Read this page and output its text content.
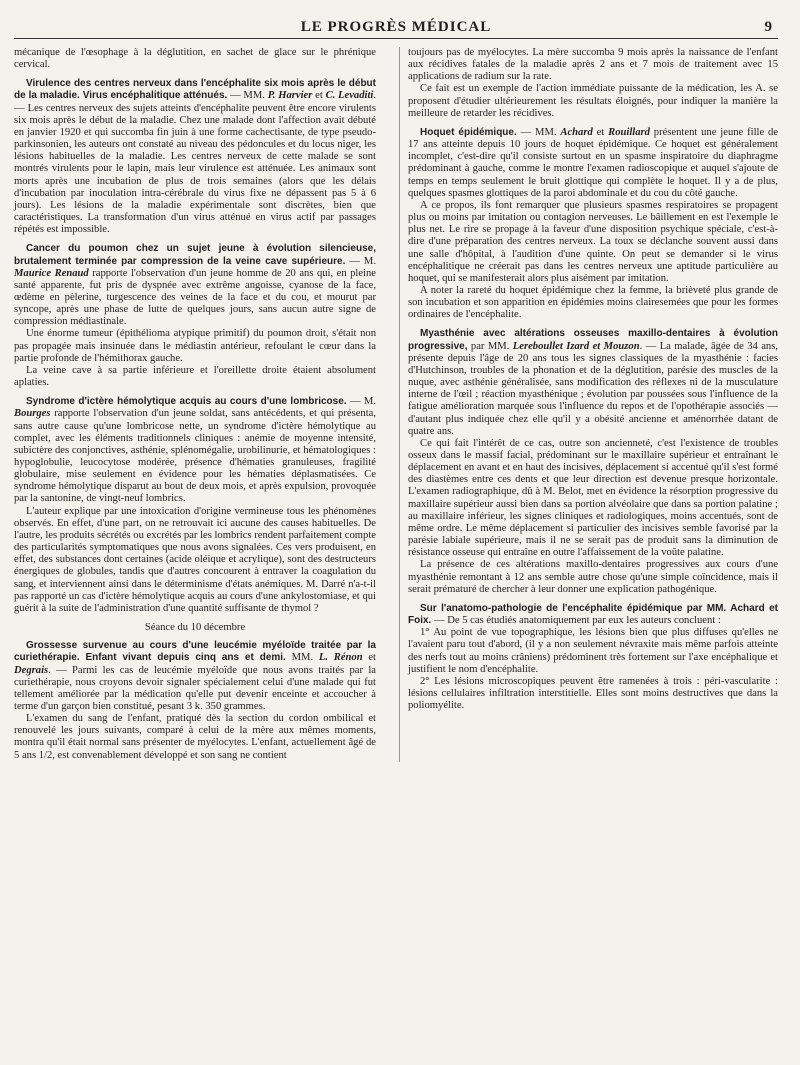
LE PROGRÈS MÉDICAL	9

mécanique de l'œsophage à la déglutition, en sachet de glace sur le phrénique cervical.

Virulence des centres nerveux dans l'encéphalite six mois après le début de la maladie. Virus encéphalitique atténués. — MM. P. Harvier et C. Levaditi. — Les centres nerveux des sujets atteints d'encéphalite peuvent être encore virulents six mois après le début de la maladie. Chez une malade dont l'affection avait débuté en janvier 1920 et qui succomba fin juin à une forme cachectisante, de type pseudo-parkinsonien, les auteurs ont constaté au niveau des pédoncules et du locus niger, les lésions habituelles de la maladie. Les centres nerveux de cette malade se sont montrés virulents pour le lapin, mais leur virulence est atténuée. Les animaux sont morts après une incubation de plus de trois semaines (alors que les délais d'incubation par inoculation intra-cérébrale du virus fixe ne dépassent pas 5 à 6 jours). Les lésions de la maladie expérimentale sont discrètes, bien que caractéristiques. La transformation d'un virus atténué en virus actif par passages répétés est impossible.

Cancer du poumon chez un sujet jeune à évolution silencieuse, brutalement terminée par compression de la veine cave supérieure. — M. Maurice Renaud rapporte l'observation d'un jeune homme de 20 ans qui, en pleine santé apparente, fut pris de dyspnée avec extrême angoisse, cyanose de la face, œdème en pèlerine, turgescence des veines de la face et du cou, et mourut par syncope, après une phase de lutte de quelques jours, sans aucun autre signe de compression médiastinale.

Une énorme tumeur (épithélioma atypique primitif) du poumon droit, s'était non pas propagée mais insinuée dans le médiastin antérieur, refoulant le cœur dans la partie profonde de l'hémithorax gauche.

La veine cave à sa partie inférieure et l'oreillette droite étaient absolument aplaties.

Syndrome d'ictère hémolytique acquis au cours d'une lombricose. — M. Bourges rapporte l'observation d'un jeune soldat, sans antécédents, et qui présenta, sans autre cause qu'une lombricose nette, un syndrome d'ictère hémolytique au complet, avec les éléments traditionnels cliniques : anémie de moyenne intensité, subictère des conjonctives, asthénie, splénomégalie, urobilinurie, et hématologiques : hypoglobulie, leucocytose modérée, présence d'hématies granuleuses, fragilité globulaire, mise seulement en évidence pour les hématies déplasmatisées. Ce syndrome hémolytique disparut au bout de deux mois, et après expulsion, provoquée par la santonine, de vingt-neuf lombrics.

L'auteur explique par une intoxication d'origine vermineuse tous les phénomènes observés. En effet, d'une part, on ne retrouvait ici aucune des causes habituelles. De l'autre, les produits sécrétés ou excrétés par les lombrics rendent parfaitement compte des particularités symptomatiques que nous avons signalées. Ces vers produisent, en effet, des substances dont certaines (acide oléique et acrylique), sont des destructeurs énergiques de globules, tandis que d'autres concourent à entraver la coagulation du sang, et interviennent ainsi dans le déterminisme d'états anémiques. M. Darré n'a-t-il pas rapporté un cas d'ictère hémolytique acquis au cours d'une ankylostomiase, et qui guérit à la suite de l'administration d'une quantité suffisante de thymol ?

Séance du 10 décembre

Grossesse survenue au cours d'une leucémie myéloïde traitée par la curiethérapie. Enfant vivant depuis cinq ans et demi. MM. L. Rénon et Degrais. — Parmi les cas de leucémie myéloïde que nous avons traités par la curiethérapie, nous croyons devoir signaler spécialement celui d'une malade qui fut tellement améliorée par la médication qu'elle put devenir enceinte et accoucher à terme d'un garçon bien constitué, pesant 3 k. 350 grammes.

L'examen du sang de l'enfant, pratiqué dès la section du cordon ombilical et renouvelé les jours suivants, comparé à celui de la mère aux mêmes moments, montra qu'il était normal sans présenter de myélocytes. L'enfant, actuellement âgé de 5 ans 1/2, est convenablement développé et son sang ne contient

toujours pas de myélocytes. La mère succomba 9 mois après la naissance de l'enfant aux récidives fatales de la maladie après 2 ans et 7 mois de traitement avec 15 applications de radium sur la rate.

Ce fait est un exemple de l'action immédiate puissante de la médication, les A. se proposent d'étudier ultérieurement les résultats éloignés, pour indiquer la manière la meilleure de retarder les récidives.

Hoquet épidémique. — MM. Achard et Rouillard présentent une jeune fille de 17 ans atteinte depuis 10 jours de hoquet épidémique. Ce hoquet est généralement incomplet, c'est-dire qu'il consiste surtout en un spasme inspiratoire du diaphragme prédominant à gauche, comme le montre l'examen radioscopique et auquel s'ajoute de temps en temps seulement le bruit glottique qui complète le hoquet. Il y a de plus, quelques spasmes glottiques de la paroi abdominale et du cou du côté gauche.

A ce propos, ils font remarquer que plusieurs spasmes respiratoires se propagent plus ou moins par imitation ou contagion nerveuses. Le bâillement en est l'exemple le plus net. Le rire se propage à la faveur d'une disposition psychique spéciale, c'est-à-dire d'une préparation des centres nerveux. La toux se déclanche souvent aussi dans une salle d'hôpital, à l'audition d'une quinte. On peut se demander si le virus encéphalitique ne créerait pas dans les centres nerveux une aptitude particulière au hoquet, qui se manifesterait alors plus aisément par imitation.

A noter la rareté du hoquet épidémique chez la femme, la brièveté plus grande de son incubation et son apparition en épidémies moins clairesemées que pour les formes ordinaires de l'encéphalite.

Myasthénie avec altérations osseuses maxillo-dentaires à évolution progressive, par MM. Lereboullet Izard et Mouzon. — La malade, âgée de 34 ans, présente depuis l'âge de 20 ans tous les signes classiques de la myasthénie : facies d'Hutchinson, troubles de la phonation et de la déglutition, parésie des muscles de la nuque, avec asthénie généralisée, sans modification des réflexes ni de la musculature interne de l'œil ; réaction myasthénique ; évolution par poussées sous l'influence de la fatigue amélioration marquée sous l'influence du repos et de l'opothérapie associés — d'autant plus indiquée chez elle qu'il y a obésité ancienne et aménorrhée datant de quatre ans.

Ce qui fait l'intérêt de ce cas, outre son ancienneté, c'est l'existence de troubles osseux dans le massif facial, prédominant sur le maxillaire supérieur et entraînant le déplacement en avant et en haut des incisives, déplacement si accentué qu'il s'est formé des diastèmes entre ces dents et que leur direction est devenue presque horizontale. L'examen radiographique, dû à M. Belot, met en évidence la résorption progressive du maxillaire supérieur aussi bien dans sa portion alvéolaire que dans sa portion palatine ; au maxillaire inférieur, les signes cliniques et radiologiques, moins accentués, sont de même ordre. Le même déplacement si particulier des incisives semble favorisé par la parésie labiale supérieure, mais il ne se serait pas de produit sans la diminution de résistance osseuse qui entraîne en outre l'affaissement de la voûte palatine.

La présence de ces altérations maxillo-dentaires progressives aux cours d'une myasthénie remontant à 12 ans semble autre chose qu'une simple coïncidence, mais il serait prématuré de chercher à leur donner une explication pathogénique.

Sur l'anatomo-pathologie de l'encéphalite épidémique par MM. Achard et Foix. — De 5 cas étudiés anatomiquement par eux les auteurs concluent :

1° Au point de vue topographique, les lésions bien que plus diffuses qu'elles ne l'avaient paru tout d'abord, (il y a non seulement névraxite mais même parfois atteinte des nerfs tout au moins crâniens) prédominent très fortement sur l'axe encéphalique et justifient le nom d'encéphalite.

2° Les lésions microscopiques peuvent être ramenées à trois : péri-vascularite : lésions cellulaires infiltration interstitielle. Elles sont moins destructives que dans la poliomyélite.
